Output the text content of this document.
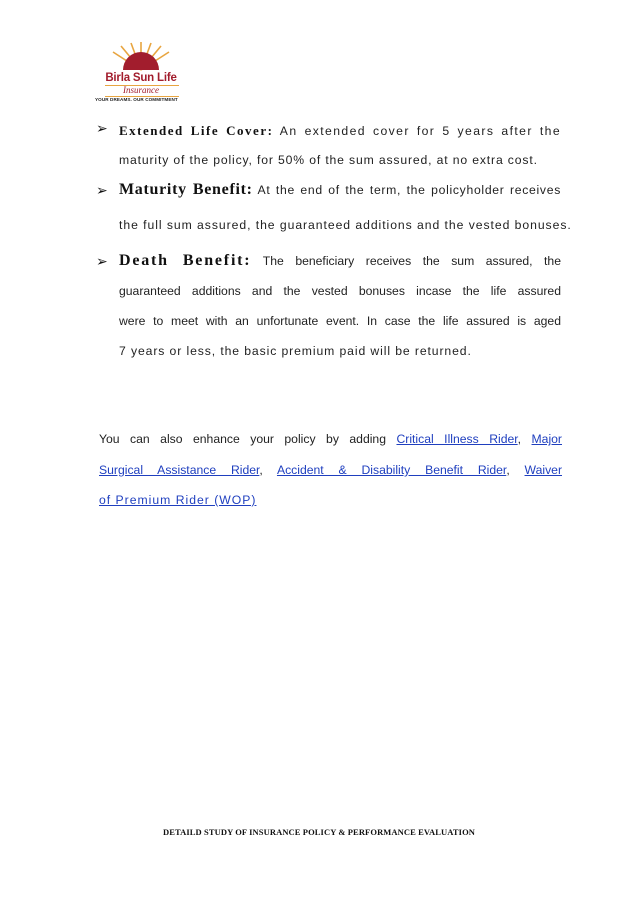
Birla Sun Life
Insurance
YOUR DREAMS. OUR COMMITMENT
➢ Extended Life Cover: An extended cover for 5 years after the
maturity of the policy, for 50% of the sum assured, at no extra cost.
➢ Maturity Benefit: At the end of the term, the policyholder receives
the full sum assured, the guaranteed additions and the vested bonuses.
➢ Death Benefit: The beneficiary receives the sum assured, the
guaranteed additions and the vested bonuses incase the life assured
were to meet with an unfortunate event. In case the life assured is aged
7 years or less, the basic premium paid will be returned.
You can also enhance your policy by adding Critical Illness Rider, Major
Surgical Assistance Rider, Accident & Disability Benefit Rider, Waiver
of Premium Rider (WOP)
DETAILD STUDY OF INSURANCE POLICY & PERFORMANCE EVALUATION
